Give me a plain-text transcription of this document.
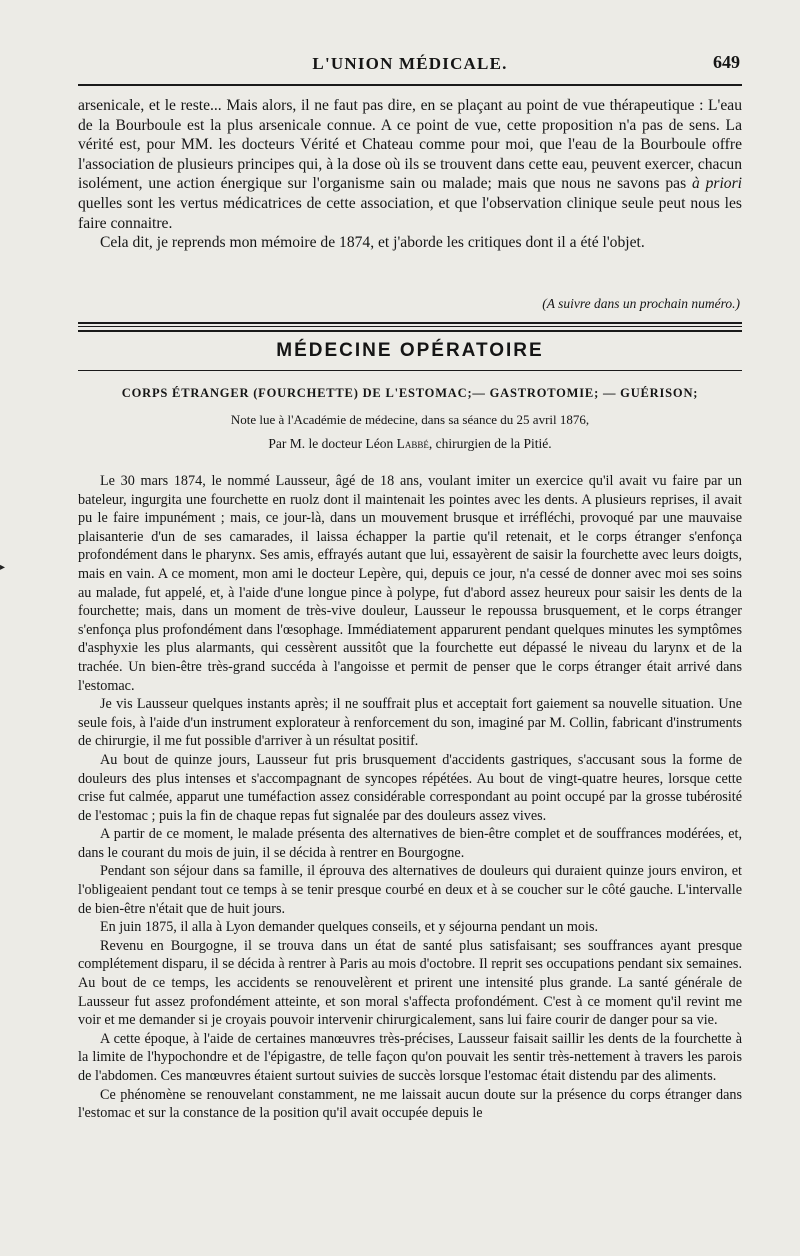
L'UNION MÉDICALE.	649

arsenicale, et le reste... Mais alors, il ne faut pas dire, en se plaçant au point de vue thérapeutique : L'eau de la Bourboule est la plus arsenicale connue. A ce point de vue, cette proposition n'a pas de sens. La vérité est, pour MM. les docteurs Vérité et Chateau comme pour moi, que l'eau de la Bourboule offre l'association de plusieurs principes qui, à la dose où ils se trouvent dans cette eau, peuvent exercer, chacun isolément, une action énergique sur l'organisme sain ou malade; mais que nous ne savons pas à priori quelles sont les vertus médicatrices de cette association, et que l'observation clinique seule peut nous les faire connaitre.

Cela dit, je reprends mon mémoire de 1874, et j'aborde les critiques dont il a été l'objet.

(A suivre dans un prochain numéro.)
MÉDECINE OPÉRATOIRE
CORPS ÉTRANGER (FOURCHETTE) DE L'ESTOMAC;— GASTROTOMIE; — GUÉRISON;
Note lue à l'Académie de médecine, dans sa séance du 25 avril 1876,
Par M. le docteur Léon Labbé, chirurgien de la Pitié.

Le 30 mars 1874, le nommé Lausseur, âgé de 18 ans, voulant imiter un exercice qu'il avait vu faire par un bateleur, ingurgita une fourchette en ruolz dont il maintenait les pointes avec les dents. A plusieurs reprises, il avait pu le faire impunément ; mais, ce jour-là, dans un mouvement brusque et irréfléchi, provoqué par une mauvaise plaisanterie d'un de ses camarades, il laissa échapper la partie qu'il retenait, et le corps étranger s'enfonça profondément dans le pharynx. Ses amis, effrayés autant que lui, essayèrent de saisir la fourchette avec leurs doigts, mais en vain. A ce moment, mon ami le docteur Lepère, qui, depuis ce jour, n'a cessé de donner avec moi ses soins au malade, fut appelé, et, à l'aide d'une longue pince à polype, fut d'abord assez heureux pour saisir les dents de la fourchette; mais, dans un moment de très-vive douleur, Lausseur le repoussa brusquement, et le corps étranger s'enfonça plus profondément dans l'œsophage. Immédiatement apparurent pendant quelques minutes les symptômes d'asphyxie les plus alarmants, qui cessèrent aussitôt que la fourchette eut dépassé le niveau du larynx et de la trachée. Un bien-être très-grand succéda à l'angoisse et permit de penser que le corps étranger était arrivé dans l'estomac.

Je vis Lausseur quelques instants après; il ne souffrait plus et acceptait fort gaiement sa nouvelle situation. Une seule fois, à l'aide d'un instrument explorateur à renforcement du son, imaginé par M. Collin, fabricant d'instruments de chirurgie, il me fut possible d'arriver à un résultat positif.

Au bout de quinze jours, Lausseur fut pris brusquement d'accidents gastriques, s'accusant sous la forme de douleurs des plus intenses et s'accompagnant de syncopes répétées. Au bout de vingt-quatre heures, lorsque cette crise fut calmée, apparut une tuméfaction assez considérable correspondant au point occupé par la grosse tubérosité de l'estomac ; puis la fin de chaque repas fut signalée par des douleurs assez vives.

A partir de ce moment, le malade présenta des alternatives de bien-être complet et de souffrances modérées, et, dans le courant du mois de juin, il se décida à rentrer en Bourgogne.

Pendant son séjour dans sa famille, il éprouva des alternatives de douleurs qui duraient quinze jours environ, et l'obligeaient pendant tout ce temps à se tenir presque courbé en deux et à se coucher sur le côté gauche. L'intervalle de bien-être n'était que de huit jours.

En juin 1875, il alla à Lyon demander quelques conseils, et y séjourna pendant un mois.

Revenu en Bourgogne, il se trouva dans un état de santé plus satisfaisant; ses souffrances ayant presque complétement disparu, il se décida à rentrer à Paris au mois d'octobre. Il reprit ses occupations pendant six semaines. Au bout de ce temps, les accidents se renouvelèrent et prirent une intensité plus grande. La santé générale de Lausseur fut assez profondément atteinte, et son moral s'affecta profondément. C'est à ce moment qu'il revint me voir et me demander si je croyais pouvoir intervenir chirurgicalement, sans lui faire courir de danger pour sa vie.

A cette époque, à l'aide de certaines manœuvres très-précises, Lausseur faisait saillir les dents de la fourchette à la limite de l'hypochondre et de l'épigastre, de telle façon qu'on pouvait les sentir très-nettement à travers les parois de l'abdomen. Ces manœuvres étaient surtout suivies de succès lorsque l'estomac était distendu par des aliments.

Ce phénomène se renouvelant constamment, ne me laissait aucun doute sur la présence du corps étranger dans l'estomac et sur la constance de la position qu'il avait occupée depuis le

▸
